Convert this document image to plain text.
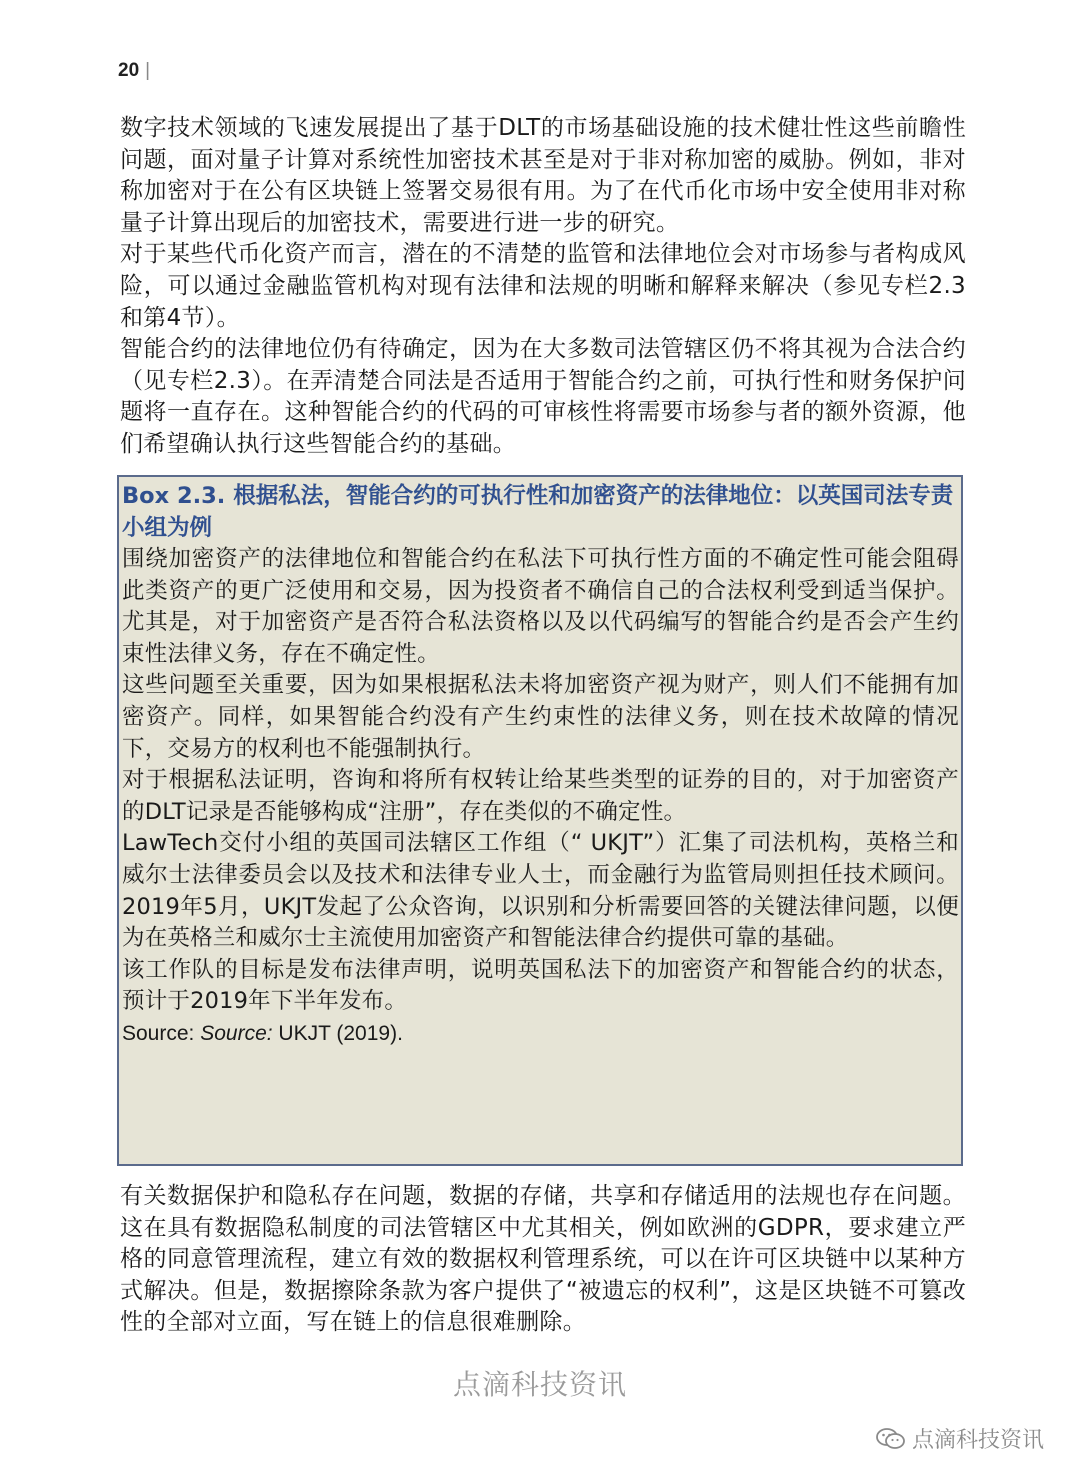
20 |

数字技术领域的飞速发展提出了基于DLT的市场基础设施的技术健壮性这些前瞻性问题，面对量子计算对系统性加密技术甚至是对于非对称加密的威胁。例如，非对称加密对于在公有区块链上签署交易很有用。为了在代币化市场中安全使用非对称量子计算出现后的加密技术，需要进行进一步的研究。

对于某些代币化资产而言，潜在的不清楚的监管和法律地位会对市场参与者构成风险，可以通过金融监管机构对现有法律和法规的明晰和解释来解决（参见专栏2.3和第4节）。

智能合约的法律地位仍有待确定，因为在大多数司法管辖区仍不将其视为合法合约（见专栏2.3）。在弄清楚合同法是否适用于智能合约之前，可执行性和财务保护问题将一直存在。这种智能合约的代码的可审核性将需要市场参与者的额外资源，他们希望确认执行这些智能合约的基础。

Box 2.3. 根据私法，智能合约的可执行性和加密资产的法律地位：以英国司法专责小组为例

围绕加密资产的法律地位和智能合约在私法下可执行性方面的不确定性可能会阻碍此类资产的更广泛使用和交易，因为投资者不确信自己的合法权利受到适当保护。尤其是，对于加密资产是否符合私法资格以及以代码编写的智能合约是否会产生约束性法律义务，存在不确定性。

这些问题至关重要，因为如果根据私法未将加密资产视为财产，则人们不能拥有加密资产。同样，如果智能合约没有产生约束性的法律义务，则在技术故障的情况下，交易方的权利也不能强制执行。

对于根据私法证明，咨询和将所有权转让给某些类型的证券的目的，对于加密资产的DLT记录是否能够构成“注册”，存在类似的不确定性。

LawTech交付小组的英国司法辖区工作组（“ UKJT”）汇集了司法机构，英格兰和威尔士法律委员会以及技术和法律专业人士，而金融行为监管局则担任技术顾问。 2019年5月，UKJT发起了公众咨询，以识别和分析需要回答的关键法律问题，以便为在英格兰和威尔士主流使用加密资产和智能法律合约提供可靠的基础。

该工作队的目标是发布法律声明，说明英国私法下的加密资产和智能合约的状态，预计于2019年下半年发布。

Source: Source: UKJT (2019).

有关数据保护和隐私存在问题，数据的存储，共享和存储适用的法规也存在问题。这在具有数据隐私制度的司法管辖区中尤其相关，例如欧洲的GDPR，要求建立严格的同意管理流程，建立有效的数据权利管理系统，可以在许可区块链中以某种方式解决。但是，数据擦除条款为客户提供了“被遗忘的权利”，这是区块链不可篡改性的全部对立面，写在链上的信息很难删除。

点滴科技资讯
点滴科技资讯
